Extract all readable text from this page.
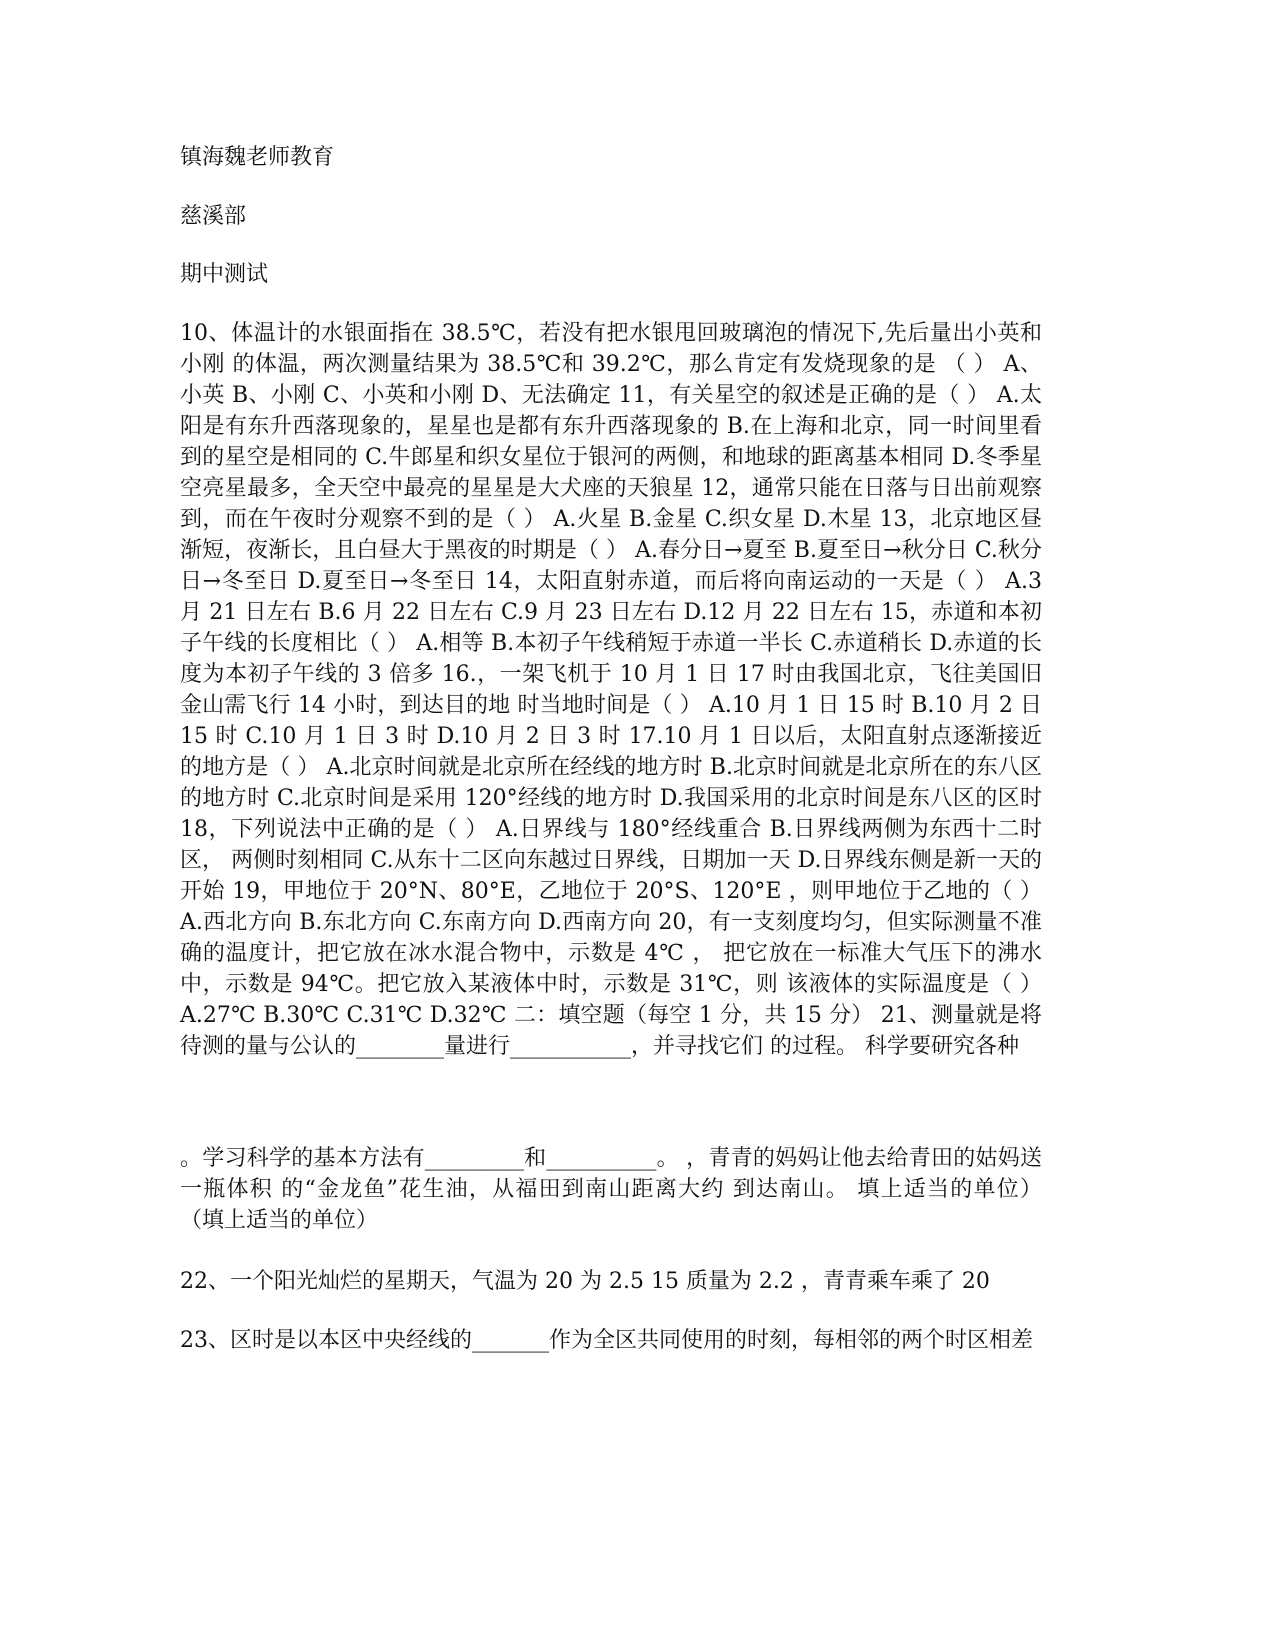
镇海魏老师教育
慈溪部
期中测试
10、体温计的水银面指在 38.5℃，若没有把水银甩回玻璃泡的情况下,先后量出小英和小刚 的体温，两次测量结果为 38.5℃和 39.2℃，那么肯定有发烧现象的是 （ ） A、小英 B、小刚 C、小英和小刚 D、无法确定 11，有关星空的叙述是正确的是（ ） A.太阳是有东升西落现象的，星星也是都有东升西落现象的 B.在上海和北京，同一时间里看到的星空是相同的 C.牛郎星和织女星位于银河的两侧，和地球的距离基本相同 D.冬季星空亮星最多，全天空中最亮的星星是大犬座的天狼星 12，通常只能在日落与日出前观察到，而在午夜时分观察不到的是（ ） A.火星 B.金星 C.织女星 D.木星 13，北京地区昼渐短，夜渐长，且白昼大于黑夜的时期是（ ） A.春分日→夏至 B.夏至日→秋分日 C.秋分日→冬至日 D.夏至日→冬至日 14，太阳直射赤道，而后将向南运动的一天是（ ） A.3 月 21 日左右 B.6 月 22 日左右 C.9 月 23 日左右 D.12 月 22 日左右 15，赤道和本初子午线的长度相比（ ） A.相等 B.本初子午线稍短于赤道一半长 C.赤道稍长 D.赤道的长度为本初子午线的 3 倍多 16.，一架飞机于 10 月 1 日 17 时由我国北京，飞往美国旧金山需飞行 14 小时，到达目的地 时当地时间是（ ） A.10 月 1 日 15 时 B.10 月 2 日 15 时 C.10 月 1 日 3 时 D.10 月 2 日 3 时 17.10 月 1 日以后，太阳直射点逐渐接近的地方是（ ） A.北京时间就是北京所在经线的地方时 B.北京时间就是北京所在的东八区的地方时 C.北京时间是采用 120°经线的地方时 D.我国采用的北京时间是东八区的区时 18，下列说法中正确的是（ ） A.日界线与 180°经线重合 B.日界线两侧为东西十二时区， 两侧时刻相同 C.从东十二区向东越过日界线，日期加一天 D.日界线东侧是新一天的开始 19，甲地位于 20°N、80°E，乙地位于 20°S、120°E ，则甲地位于乙地的（ ） A.西北方向 B.东北方向 C.东南方向 D.西南方向 20，有一支刻度均匀，但实际测量不准确的温度计，把它放在冰水混合物中，示数是 4℃ ， 把它放在一标准大气压下的沸水中，示数是 94℃。把它放入某液体中时，示数是 31℃，则 该液体的实际温度是（ ） A.27℃ B.30℃ C.31℃ D.32℃ 二：填空题（每空 1 分，共 15 分） 21、测量就是将待测的量与公认的________量进行___________，并寻找它们 的过程。 科学要研究各种
。学习科学的基本方法有_________和__________。 ，青青的妈妈让他去给青田的姑妈送一瓶体积 的“金龙鱼”花生油，从福田到南山距离大约 到达南山。 填上适当的单位） （填上适当的单位）
22、一个阳光灿烂的星期天，气温为 20 为 2.5 15 质量为 2.2 ，青青乘车乘了 20
23、区时是以本区中央经线的_______作为全区共同使用的时刻，每相邻的两个时区相差
